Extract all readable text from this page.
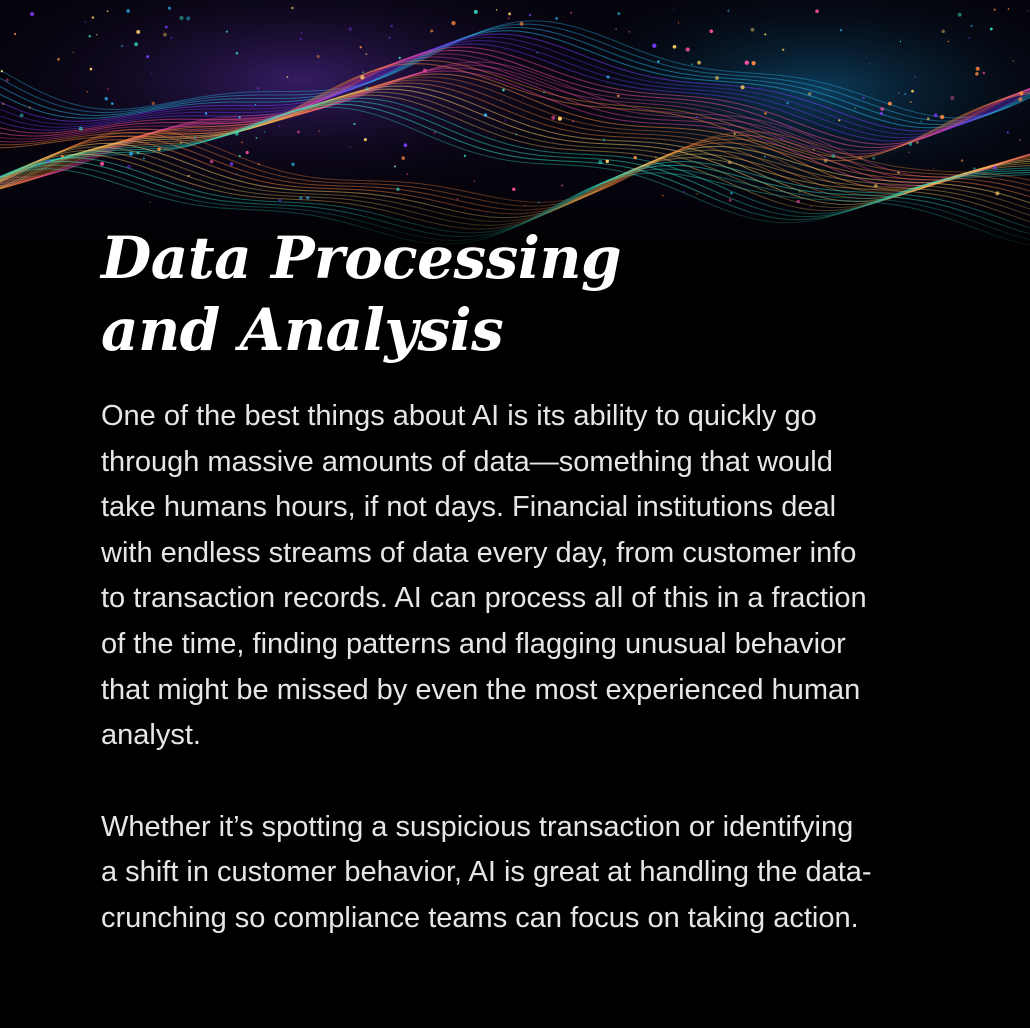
Data Processing
and Analysis

One of the best things about AI is its ability to quickly go
through massive amounts of data—something that would
take humans hours, if not days. Financial institutions deal
with endless streams of data every day, from customer info
to transaction records. AI can process all of this in a fraction
of the time, finding patterns and flagging unusual behavior
that might be missed by even the most experienced human
analyst.

Whether it’s spotting a suspicious transaction or identifying
a shift in customer behavior, AI is great at handling the data-
crunching so compliance teams can focus on taking action.
